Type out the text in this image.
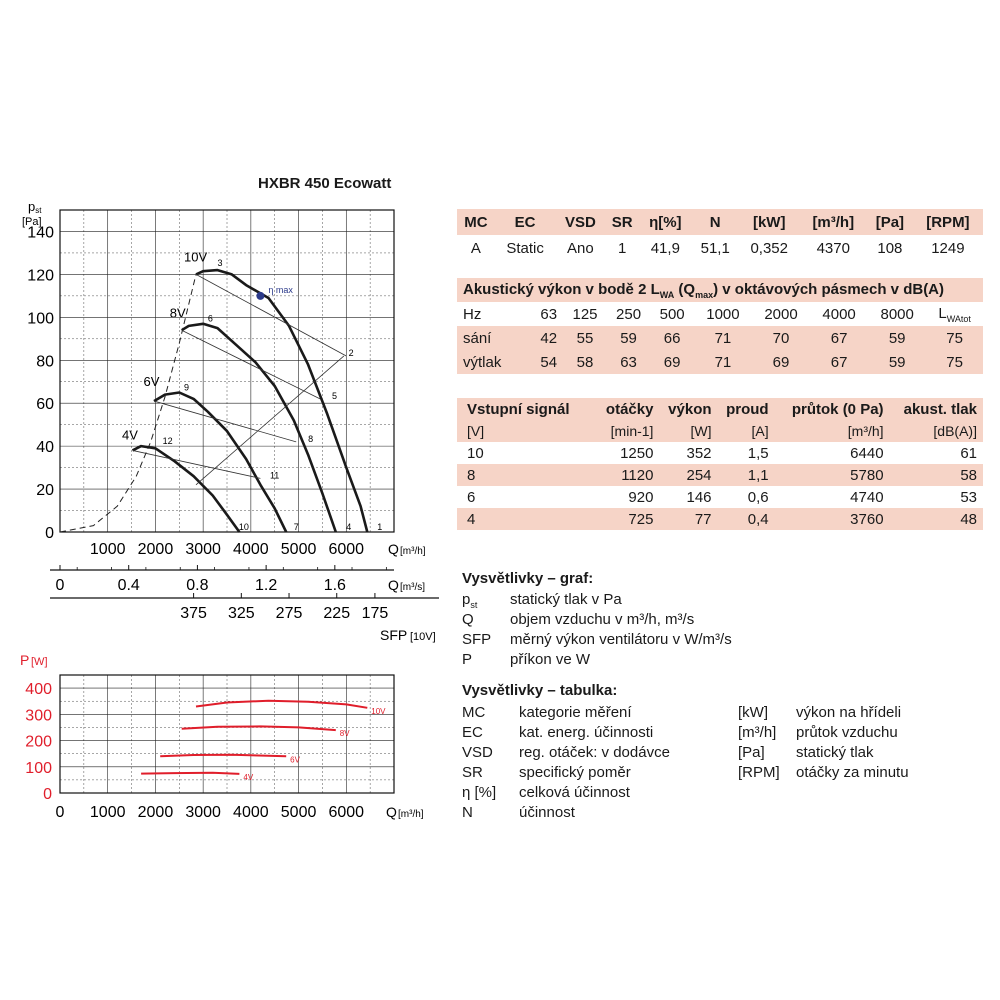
HXBR 450 Ecowatt
0
20
40
60
80
100
120
140
pst
[Pa]
1000 2000 3000 4000 5000 6000 Q [m³/h]
0	0.4	0.8	1.2	1.6	Q [m³/s]
375 325 275 225 175
SFP [10V]
10V
8V
6V
4V
3
6
9
12
2
5
8
11
1
4
7
10
η max
0
100
200
300
400
P [W]
0 1000 2000 3000 4000 5000 6000 Q [m³/h]
10V
8V
6V
4V
MC	EC	VSD	SR	η[%]	N	[kW]	[m³/h]	[Pa]	[RPM]
A	Static	Ano	1	41,9	51,1	0,352	4370	108	1249
Akustický výkon v bodě 2 $L_{WA}$ $(Q_{max})$ v oktávových pásmech v dB(A)									
Hz	63	125	250	500	1000	2000	4000	8000	$L_{WAtot}$
sání	42	55	59	66	71	70	67	59	75
výtlak	54	58	63	69	71	69	67	59	75
Vstupní signál	otáčky	výkon	proud	průtok (0 Pa)	akust. tlak
[V]	[min-1]	[W]	[A]	[m³/h]	[dB(A)]
10	1250	352	1,5	6440	61
8	1120	254	1,1	5780	58
6	920	146	0,6	4740	53
4	725	77	0,4	3760	48
Vysvětlivky – graf:
$p_{st}$ statický tlak v Pa
Q objem vzduchu v m³/h, m³/s
SFP měrný výkon ventilátoru v W/m³/s
P	příkon ve W
Vysvětlivky – tabulka:
MC kategorie měření
EC kat. energ. účinnosti
VSD reg. otáček: v dodávce
SR specifický poměr
η [%] celková účinnost
N	účinnost
[kW] výkon na hřídeli
[m³/h] průtok vzduchu
[Pa] statický tlak
[RPM] otáčky za minutu
